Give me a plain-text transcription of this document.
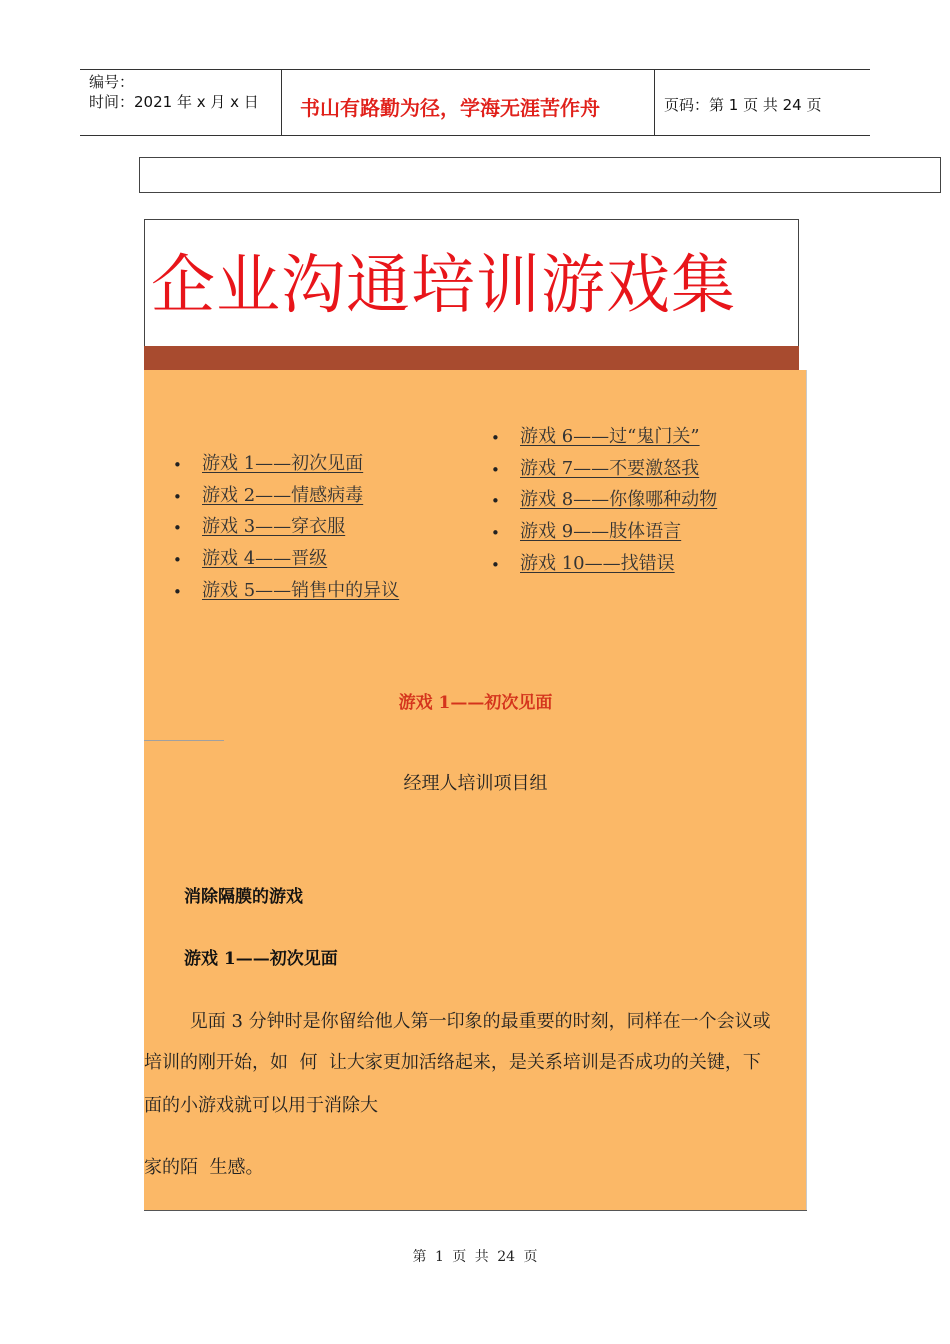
编号：
时间：2021 年 x 月 x 日 书山有路勤为径，学海无涯苦作舟	页码：第 1 页 共 24 页
企业沟通培训游戏集
• 游戏 1——初次见面
• 游戏 2——情感病毒
• 游戏 3——穿衣服
• 游戏 4——晋级
• 游戏 5——销售中的异议
• 游戏 6——过“鬼门关”
• 游戏 7——不要激怒我
• 游戏 8——你像哪种动物
• 游戏 9——肢体语言
• 游戏 10——找错误
游戏 1——初次见面
经理人培训项目组
消除隔膜的游戏
游戏 1——初次见面
见面 3 分钟时是你留给他人第一印象的最重要的时刻，同样在一个会议或
培训的刚开始，如  何  让大家更加活络起来，是关系培训是否成功的关键，下
面的小游戏就可以用于消除大
家的陌  生感。
第 1 页 共 24 页
